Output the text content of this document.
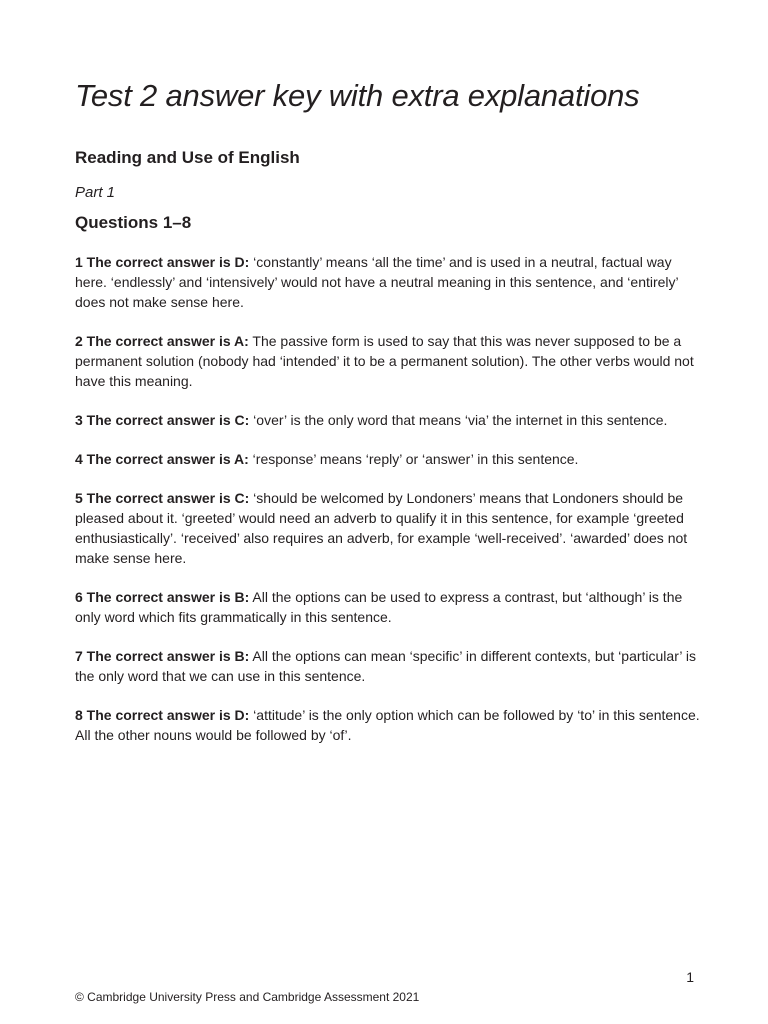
Test 2 answer key with extra explanations
Reading and Use of English

Part 1

Questions 1–8
1 The correct answer is D: ‘constantly’ means ‘all the time’ and is used in a neutral, factual way here. ‘endlessly’ and ‘intensively’ would not have a neutral meaning in this sentence, and ‘entirely’ does not make sense here.
2 The correct answer is A: The passive form is used to say that this was never supposed to be a permanent solution (nobody had ‘intended’ it to be a permanent solution). The other verbs would not have this meaning.
3 The correct answer is C: ‘over’ is the only word that means ‘via’ the internet in this sentence.
4 The correct answer is A: ‘response’ means ‘reply’ or ‘answer’ in this sentence.
5 The correct answer is C: ‘should be welcomed by Londoners’ means that Londoners should be pleased about it. ‘greeted’ would need an adverb to qualify it in this sentence, for example ‘greeted enthusiastically’. ‘received’ also requires an adverb, for example ‘well-received’. ‘awarded’ does not make sense here.
6 The correct answer is B: All the options can be used to express a contrast, but ‘although’ is the only word which fits grammatically in this sentence.
7 The correct answer is B: All the options can mean ‘specific’ in different contexts, but ‘particular’ is the only word that we can use in this sentence.
8 The correct answer is D: ‘attitude’ is the only option which can be followed by ‘to’ in this sentence. All the other nouns would be followed by ‘of’.
1
© Cambridge University Press and Cambridge Assessment 2021
